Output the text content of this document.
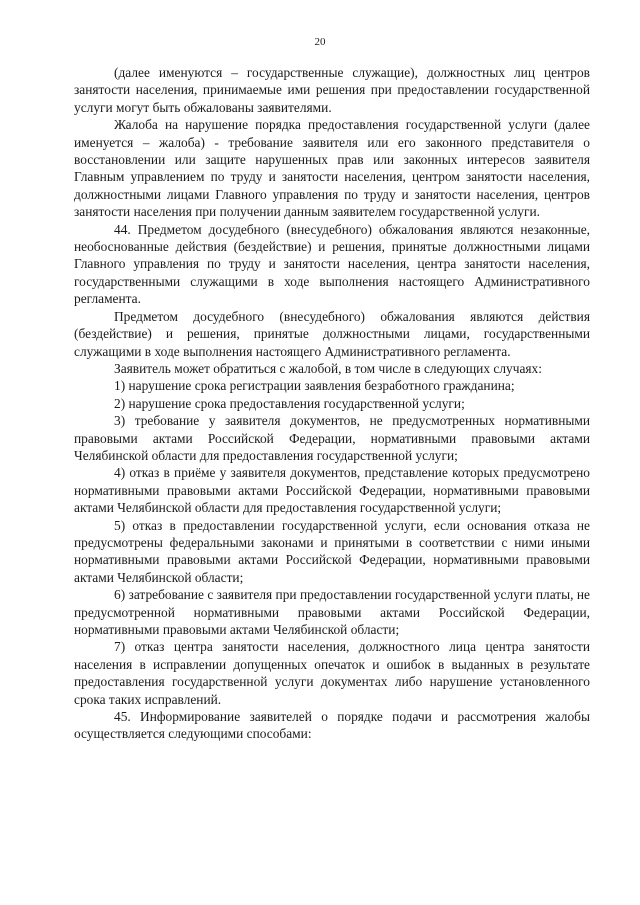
20

(далее именуются – государственные служащие), должностных лиц центров занятости населения, принимаемые ими решения при предоставлении государственной услуги могут быть обжалованы заявителями.

Жалоба на нарушение порядка предоставления государственной услуги (далее именуется – жалоба) - требование заявителя или его законного представителя о восстановлении или защите нарушенных прав или законных интересов заявителя Главным управлением по труду и занятости населения, центром занятости населения, должностными лицами Главного управления по труду и занятости населения, центров занятости населения при получении данным заявителем государственной услуги.

44. Предметом досудебного (внесудебного) обжалования являются незаконные, необоснованные действия (бездействие) и решения, принятые должностными лицами Главного управления по труду и занятости населения, центра занятости населения, государственными служащими в ходе выполнения настоящего Административного регламента.

Предметом досудебного (внесудебного) обжалования являются действия (бездействие) и решения, принятые должностными лицами, государственными служащими в ходе выполнения настоящего Административного регламента.

Заявитель может обратиться с жалобой, в том числе в следующих случаях:

1) нарушение срока регистрации заявления безработного гражданина;

2) нарушение срока предоставления государственной услуги;

3) требование у заявителя документов, не предусмотренных нормативными правовыми актами Российской Федерации, нормативными правовыми актами Челябинской области для предоставления государственной услуги;

4) отказ в приёме у заявителя документов, представление которых предусмотрено нормативными правовыми актами Российской Федерации, нормативными правовыми актами Челябинской области для предоставления государственной услуги;

5) отказ в предоставлении государственной услуги, если основания отказа не предусмотрены федеральными законами и принятыми в соответствии с ними иными нормативными правовыми актами Российской Федерации, нормативными правовыми актами Челябинской области;

6) затребование с заявителя при предоставлении государственной услуги платы, не предусмотренной нормативными правовыми актами Российской Федерации, нормативными правовыми актами Челябинской области;

7) отказ центра занятости населения, должностного лица центра занятости населения в исправлении допущенных опечаток и ошибок в выданных в результате предоставления государственной услуги документах либо нарушение установленного срока таких исправлений.

45. Информирование заявителей о порядке подачи и рассмотрения жалобы осуществляется следующими способами:
